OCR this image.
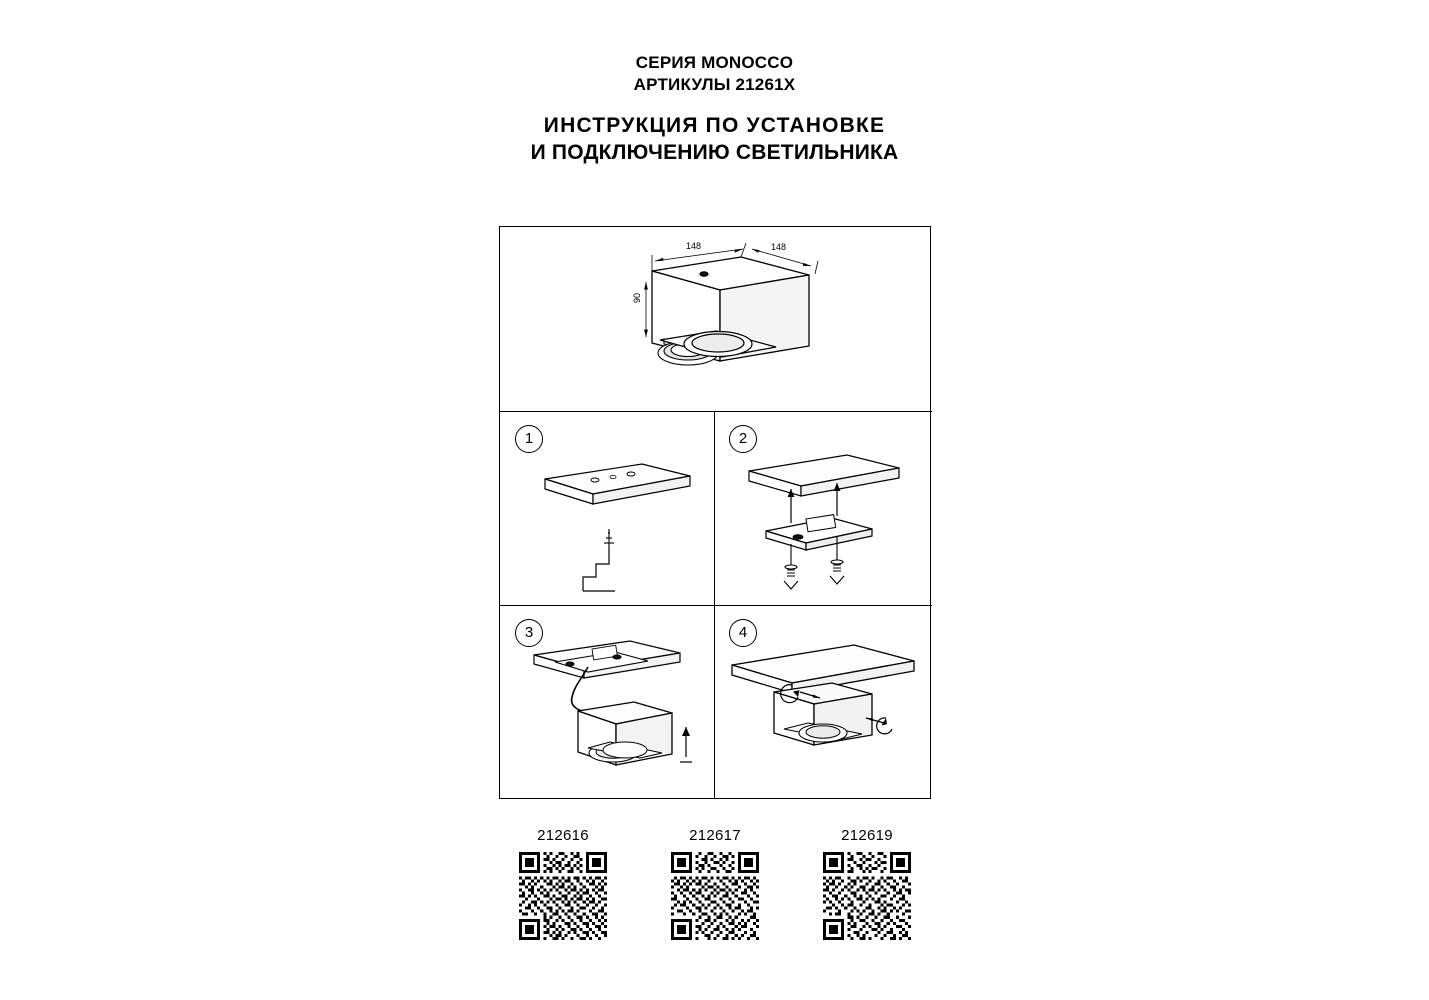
СЕРИЯ MONOCCO
АРТИКУЛЫ 21261X
ИНСТРУКЦИЯ ПО УСТАНОВКЕ
И ПОДКЛЮЧЕНИЮ СВЕТИЛЬНИКА
148	148
90
1	2
3	4
212616	212617	212619
